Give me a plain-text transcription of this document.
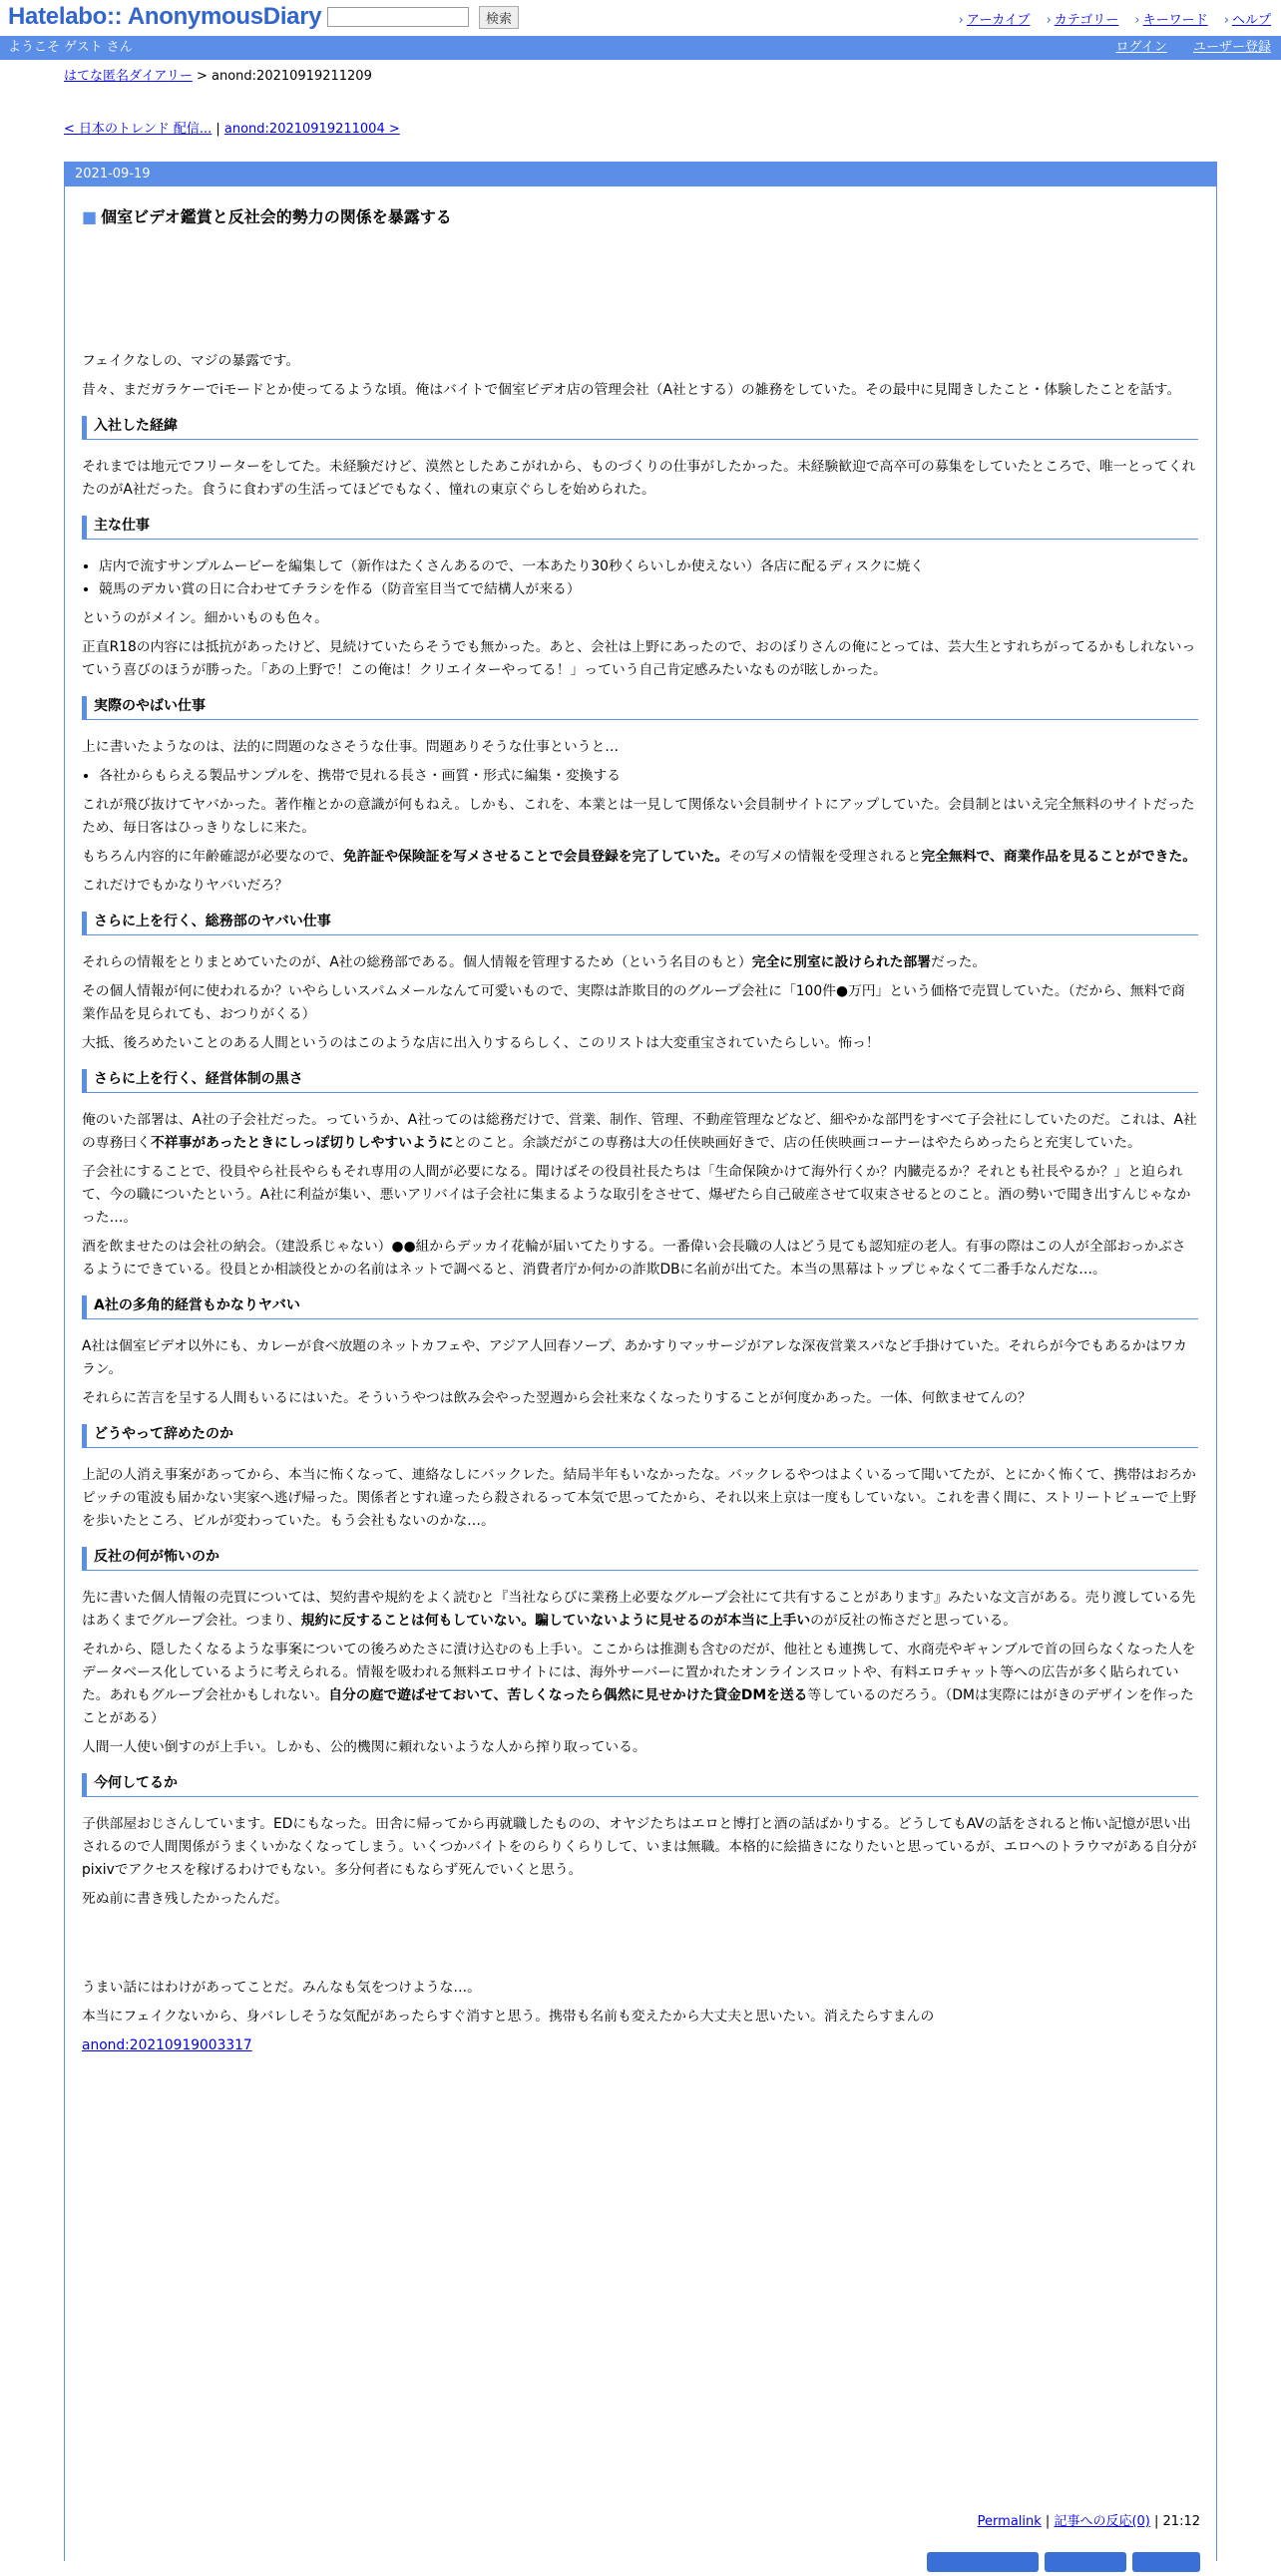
Hatelabo:: AnonymousDiary	検索	› アーカイブ › カテゴリー › キーワード › ヘルプ
ようこそ ゲスト さん	ログイン ユーザー登録
はてな匿名ダイアリー > anond:20210919211209
< 日本のトレンド 配信... | anond:20210919211004 >
2021-09-19
■ 個室ビデオ鑑賞と反社会的勢力の関係を暴露する

フェイクなしの、マジの暴露です。

昔々、まだガラケーでiモードとか使ってるような頃。俺はバイトで個室ビデオ店の管理会社（A社とする）の雑務をしていた。その最中に見聞きしたこと・体験したことを話す。

入社した経緯

それまでは地元でフリーターをしてた。未経験だけど、漠然としたあこがれから、ものづくりの仕事がしたかった。未経験歓迎で高卒可の募集をしていたところで、唯一とってくれたのがA社だった。食うに食わずの生活ってほどでもなく、憧れの東京ぐらしを始められた。

主な仕事
• 店内で流すサンプルムービーを編集して（新作はたくさんあるので、一本あたり30秒くらいしか使えない）各店に配るディスクに焼く
• 競馬のデカい賞の日に合わせてチラシを作る（防音室目当てで結構人が来る）

というのがメイン。細かいものも色々。

正直R18の内容には抵抗があったけど、見続けていたらそうでも無かった。あと、会社は上野にあったので、おのぼりさんの俺にとっては、芸大生とすれちがってるかもしれないっていう喜びのほうが勝った。「あの上野で！この俺は！クリエイターやってる！」っていう自己肯定感みたいなものが眩しかった。

実際のやばい仕事

上に書いたようなのは、法的に問題のなさそうな仕事。問題ありそうな仕事というと…

• 各社からもらえる製品サンプルを、携帯で見れる長さ・画質・形式に編集・変換する

これが飛び抜けてヤバかった。著作権とかの意識が何もねえ。しかも、これを、本業とは一見して関係ない会員制サイトにアップしていた。会員制とはいえ完全無料のサイトだったため、毎日客はひっきりなしに来た。

もちろん内容的に年齢確認が必要なので、免許証や保険証を写メさせることで会員登録を完了していた。その写メの情報を受理されると完全無料で、商業作品を見ることができた。

これだけでもかなりヤバいだろ？

さらに上を行く、総務部のヤバい仕事

それらの情報をとりまとめていたのが、A社の総務部である。個人情報を管理するため（という名目のもと）完全に別室に設けられた部署だった。

その個人情報が何に使われるか？いやらしいスパムメールなんて可愛いもので、実際は詐欺目的のグループ会社に「100件●万円」という価格で売買していた。（だから、無料で商業作品を見られても、おつりがくる）

大抵、後ろめたいことのある人間というのはこのような店に出入りするらしく、このリストは大変重宝されていたらしい。怖っ！

さらに上を行く、経営体制の黒さ

俺のいた部署は、A社の子会社だった。っていうか、A社ってのは総務だけで、営業、制作、管理、不動産管理などなど、細やかな部門をすべて子会社にしていたのだ。これは、A社の専務曰く不祥事があったときにしっぽ切りしやすいようにとのこと。余談だがこの専務は大の任侠映画好きで、店の任侠映画コーナーはやたらめったらと充実していた。

子会社にすることで、役員やら社長やらもそれ専用の人間が必要になる。聞けばその役員社長たちは「生命保険かけて海外行くか？内臓売るか？それとも社長やるか？」と迫られて、今の職についたという。A社に利益が集い、悪いアリバイは子会社に集まるような取引をさせて、爆ぜたら自己破産させて収束させるとのこと。酒の勢いで聞き出すんじゃなかった…。

酒を飲ませたのは会社の納会。（建設系じゃない）●●組からデッカイ花輪が届いてたりする。一番偉い会長職の人はどう見ても認知症の老人。有事の際はこの人が全部おっかぶさるようにできている。役員とか相談役とかの名前はネットで調べると、消費者庁か何かの詐欺DBに名前が出てた。本当の黒幕はトップじゃなくて二番手なんだな…。

A社の多角的経営もかなりヤバい

A社は個室ビデオ以外にも、カレーが食べ放題のネットカフェや、アジア人回春ソープ、あかすりマッサージがアレな深夜営業スパなど手掛けていた。それらが今でもあるかはワカラン。

それらに苦言を呈する人間もいるにはいた。そういうやつは飲み会やった翌週から会社来なくなったりすることが何度かあった。一体、何飲ませてんの？

どうやって辞めたのか

上記の人消え事案があってから、本当に怖くなって、連絡なしにバックレた。結局半年もいなかったな。バックレるやつはよくいるって聞いてたが、とにかく怖くて、携帯はおろかピッチの電波も届かない実家へ逃げ帰った。関係者とすれ違ったら殺されるって本気で思ってたから、それ以来上京は一度もしていない。これを書く間に、ストリートビューで上野を歩いたところ、ビルが変わっていた。もう会社もないのかな…。

反社の何が怖いのか

先に書いた個人情報の売買については、契約書や規約をよく読むと『当社ならびに業務上必要なグループ会社にて共有することがあります』みたいな文言がある。売り渡している先はあくまでグループ会社。つまり、規約に反することは何もしていない。騙していないように見せるのが本当に上手いのが反社の怖さだと思っている。

それから、隠したくなるような事案についての後ろめたさに漬け込むのも上手い。ここからは推測も含むのだが、他社とも連携して、水商売やギャンブルで首の回らなくなった人をデータベース化しているように考えられる。情報を吸われる無料エロサイトには、海外サーバーに置かれたオンラインスロットや、有料エロチャット等への広告が多く貼られていた。あれもグループ会社かもしれない。自分の庭で遊ばせておいて、苦しくなったら偶然に見せかけた貸金DMを送る等しているのだろう。（DMは実際にはがきのデザインを作ったことがある）

人間一人使い倒すのが上手い。しかも、公的機関に頼れないような人から搾り取っている。

今何してるか

子供部屋おじさんしています。EDにもなった。田舎に帰ってから再就職したものの、オヤジたちはエロと博打と酒の話ばかりする。どうしてもAVの話をされると怖い記憶が思い出されるので人間関係がうまくいかなくなってしまう。いくつかバイトをのらりくらりして、いまは無職。本格的に絵描きになりたいと思っているが、エロへのトラウマがある自分がpixivでアクセスを稼げるわけでもない。多分何者にもならず死んでいくと思う。

死ぬ前に書き残したかったんだ。

うまい話にはわけがあってことだ。みんなも気をつけような…。

本当にフェイクないから、身バレしそうな気配があったらすぐ消すと思う。携帯も名前も変えたから大丈夫と思いたい。消えたらすまんの

anond:20210919003317

Permalink | 記事への反応(0) | 21:12
